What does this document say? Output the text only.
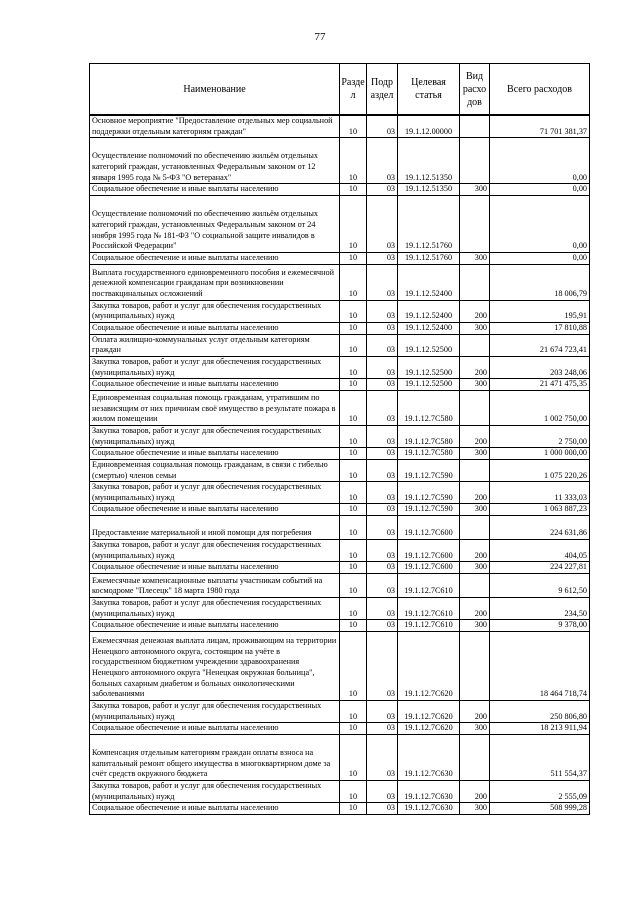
77
Наименование	Разде л	Подр аздел	Целевая статья	Вид расхо дов	Всего расходов
Основное мероприятие "Предоставление отдельных мер социальной поддержки отдельным категориям граждан"	10	03	19.1.12.00000		71 701 381,37
Осуществление полномочий по обеспечению жильём отдельных категорий граждан, установленных Федеральным законом от 12 января 1995 года № 5-ФЗ "О ветеранах"	10	03	19.1.12.51350		0,00
Социальное обеспечение и иные выплаты населению	10	03	19.1.12.51350	300	0,00
Осуществление полномочий по обеспечению жильём отдельных категорий граждан, установленных Федеральным законом от 24 ноября 1995 года № 181-ФЗ "О социальной защите инвалидов в Российской Федерации"	10	03	19.1.12.51760		0,00
Социальное обеспечение и иные выплаты населению	10	03	19.1.12.51760	300	0,00
Выплата государственного единовременного пособия и ежемесячной денежной компенсации гражданам при возникновении поствакцинальных осложнений	10	03	19.1.12.52400		18 006,79
Закупка товаров, работ и услуг для обеспечения государственных (муниципальных) нужд	10	03	19.1.12.52400	200	195,91
Социальное обеспечение и иные выплаты населению	10	03	19.1.12.52400	300	17 810,88
Оплата жилищно-коммунальных услуг отдельным категориям граждан	10	03	19.1.12.52500		21 674 723,41
Закупка товаров, работ и услуг для обеспечения государственных (муниципальных) нужд	10	03	19.1.12.52500	200	203 248,06
Социальное обеспечение и иные выплаты населению	10	03	19.1.12.52500	300	21 471 475,35
Единовременная социальная помощь гражданам, утратившим по независящим от них причинам своё имущество в результате пожара в жилом помещении	10	03	19.1.12.7С580		1 002 750,00
Закупка товаров, работ и услуг для обеспечения государственных (муниципальных) нужд	10	03	19.1.12.7С580	200	2 750,00
Социальное обеспечение и иные выплаты населению	10	03	19.1.12.7С580	300	1 000 000,00
Единовременная социальная помощь гражданам, в связи с гибелью (смертью) членов семьи	10	03	19.1.12.7С590		1 075 220,26
Закупка товаров, работ и услуг для обеспечения государственных (муниципальных) нужд	10	03	19.1.12.7С590	200	11 333,03
Социальное обеспечение и иные выплаты населению	10	03	19.1.12.7С590	300	1 063 887,23
Предоставление материальной и иной помощи для погребения	10	03	19.1.12.7С600		224 631,86
Закупка товаров, работ и услуг для обеспечения государственных (муниципальных) нужд	10	03	19.1.12.7С600	200	404,05
Социальное обеспечение и иные выплаты населению	10	03	19.1.12.7С600	300	224 227,81
Ежемесячные компенсационные выплаты участникам событий на космодроме "Плесецк" 18 марта 1980 года	10	03	19.1.12.7С610		9 612,50
Закупка товаров, работ и услуг для обеспечения государственных (муниципальных) нужд	10	03	19.1.12.7С610	200	234,50
Социальное обеспечение и иные выплаты населению	10	03	19.1.12.7С610	300	9 378,00
Ежемесячная денежная выплата лицам, проживающим на территории Ненецкого автономного округа, состоящим на учёте в государственном бюджетном учреждении здравоохранения Ненецкого автономного округа "Ненецкая окружная больница", больных сахарным диабетом и больных онкологическими заболеваниями	10	03	19.1.12.7С620		18 464 718,74
Закупка товаров, работ и услуг для обеспечения государственных (муниципальных) нужд	10	03	19.1.12.7С620	200	250 806,80
Социальное обеспечение и иные выплаты населению	10	03	19.1.12.7С620	300	18 213 911,94
Компенсация отдельным категориям граждан оплаты взноса на капитальный ремонт общего имущества в многоквартирном доме за счёт средств окружного бюджета	10	03	19.1.12.7С630		511 554,37
Закупка товаров, работ и услуг для обеспечения государственных (муниципальных) нужд	10	03	19.1.12.7С630	200	2 555,09
Социальное обеспечение и иные выплаты населению	10	03	19.1.12.7С630	300	508 999,28
